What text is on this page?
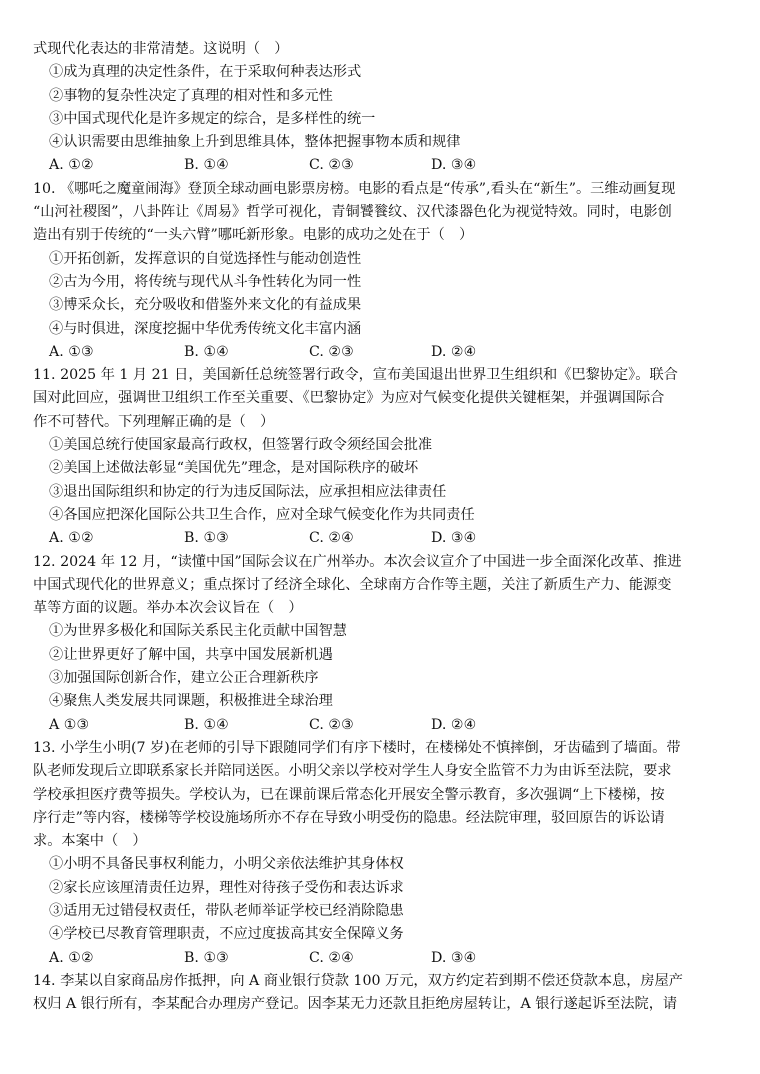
式现代化表达的非常清楚。这说明（　）
①成为真理的决定性条件，在于采取何种表达形式
②事物的复杂性决定了真理的相对性和多元性
③中国式现代化是许多规定的综合，是多样性的统一
④认识需要由思维抽象上升到思维具体，整体把握事物本质和规律
A. ①②	B. ①④	C. ②③	D. ③④
10. 《哪吒之魔童闹海》登顶全球动画电影票房榜。电影的看点是“传承”,看头在“新生”。三维动画复现
“山河社稷图”，八卦阵让《周易》哲学可视化，青铜饕餮纹、汉代漆器色化为视觉特效。同时，电影创
造出有别于传统的“一头六臂”哪吒新形象。电影的成功之处在于（　）
①开拓创新，发挥意识的自觉选择性与能动创造性
②古为今用，将传统与现代从斗争性转化为同一性
③博采众长，充分吸收和借鉴外来文化的有益成果
④与时俱进，深度挖掘中华优秀传统文化丰富内涵
A. ①③	B. ①④	C. ②③	D. ②④
11. 2025 年 1 月 21 日，美国新任总统签署行政令，宣布美国退出世界卫生组织和《巴黎协定》。联合
国对此回应，强调世卫组织工作至关重要、《巴黎协定》为应对气候变化提供关键框架，并强调国际合
作不可替代。下列理解正确的是（　）
①美国总统行使国家最高行政权，但签署行政令须经国会批准
②美国上述做法彰显“美国优先”理念，是对国际秩序的破坏
③退出国际组织和协定的行为违反国际法，应承担相应法律责任
④各国应把深化国际公共卫生合作，应对全球气候变化作为共同责任
A. ①②	B. ①③	C. ②④	D. ③④
12. 2024 年 12 月，“读懂中国”国际会议在广州举办。本次会议宣介了中国进一步全面深化改革、推进
中国式现代化的世界意义；重点探讨了经济全球化、全球南方合作等主题，关注了新质生产力、能源变
革等方面的议题。举办本次会议旨在（　）
①为世界多极化和国际关系民主化贡献中国智慧
②让世界更好了解中国，共享中国发展新机遇
③加强国际创新合作，建立公正合理新秩序
④聚焦人类发展共同课题，积极推进全球治理
A ①③	B. ①④	C. ②③	D. ②④
13. 小学生小明(7 岁)在老师的引导下跟随同学们有序下楼时，在楼梯处不慎摔倒，牙齿磕到了墙面。带
队老师发现后立即联系家长并陪同送医。小明父亲以学校对学生人身安全监管不力为由诉至法院，要求
学校承担医疗费等损失。学校认为，已在课前课后常态化开展安全警示教育，多次强调“上下楼梯，按
序行走”等内容，楼梯等学校设施场所亦不存在导致小明受伤的隐患。经法院审理，驳回原告的诉讼请
求。本案中（　）
①小明不具备民事权利能力，小明父亲依法维护其身体权
②家长应该厘清责任边界，理性对待孩子受伤和表达诉求
③适用无过错侵权责任，带队老师举证学校已经消除隐患
④学校已尽教育管理职责，不应过度拔高其安全保障义务
A. ①②	B. ①③	C. ②④	D. ③④
14. 李某以自家商品房作抵押，向 A 商业银行贷款 100 万元，双方约定若到期不偿还贷款本息，房屋产
权归 A 银行所有，李某配合办理房产登记。因李某无力还款且拒绝房屋转让，A 银行遂起诉至法院，请
